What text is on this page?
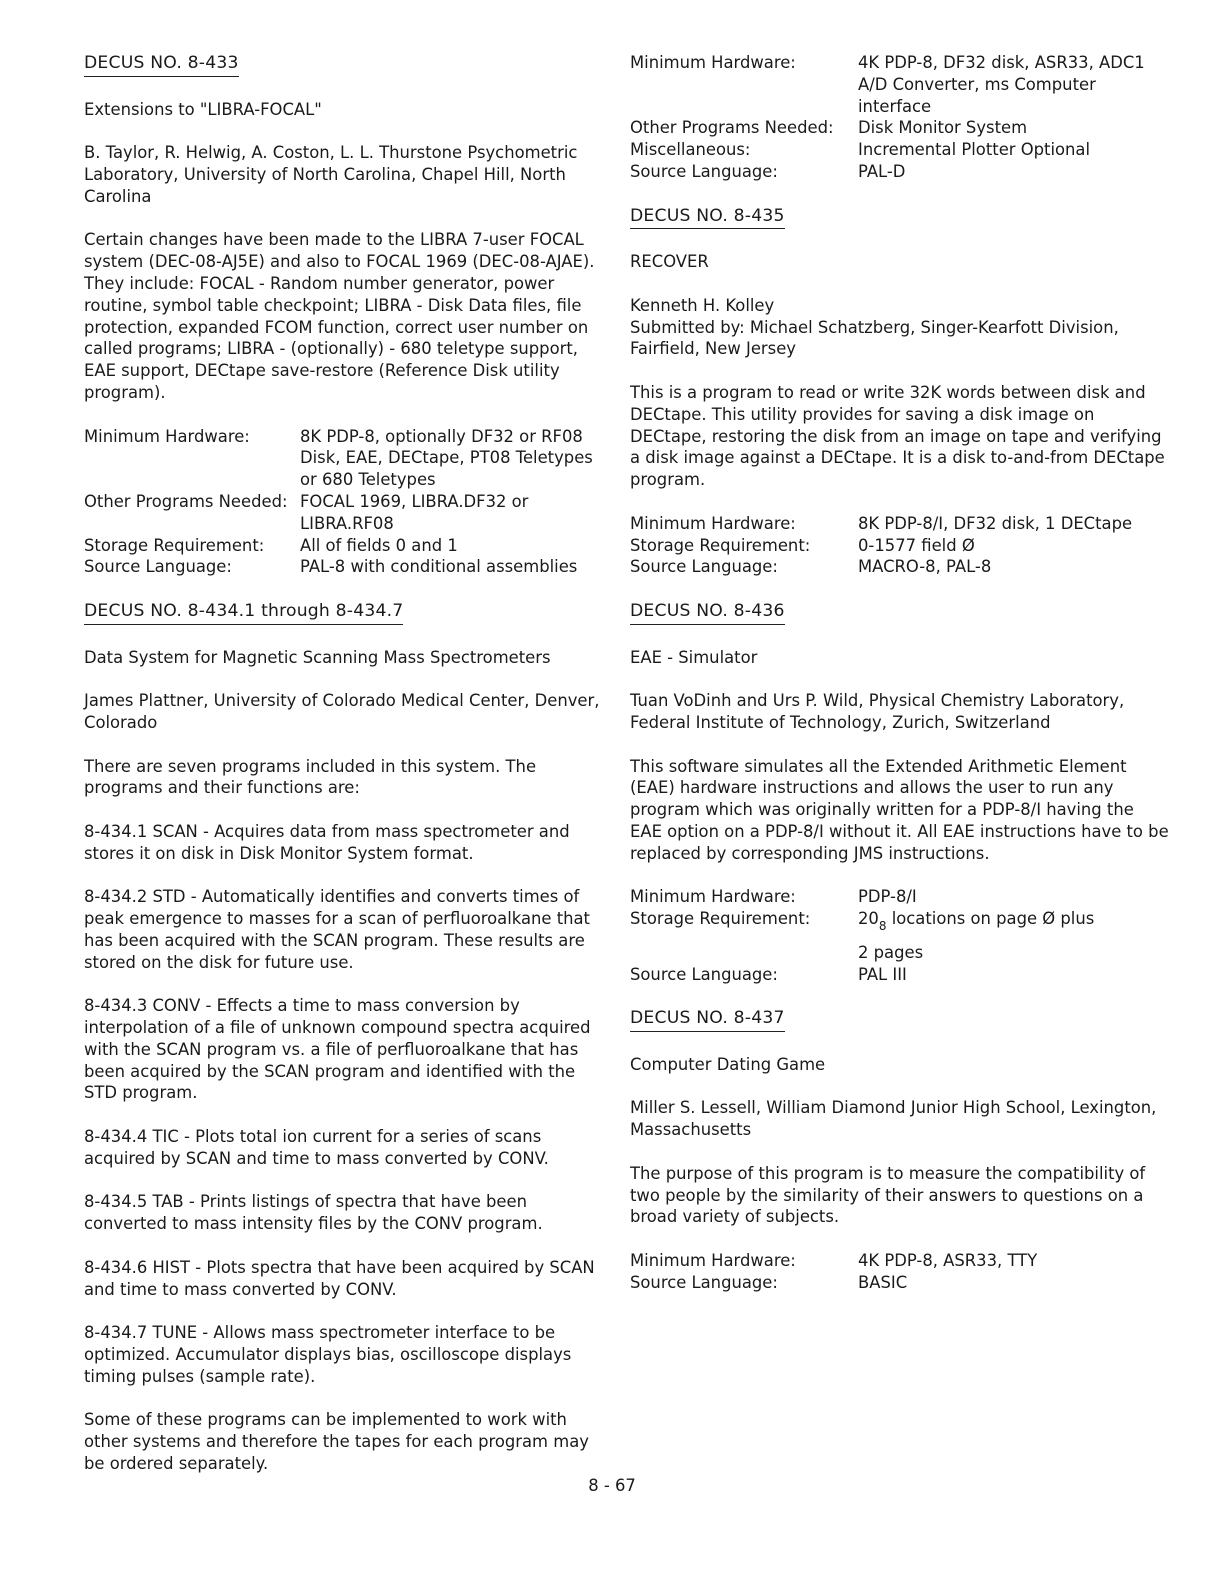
DECUS NO. 8-433

Extensions to "LIBRA-FOCAL"

B. Taylor, R. Helwig, A. Coston, L. L. Thurstone Psychometric Laboratory, University of North Carolina, Chapel Hill, North Carolina

Certain changes have been made to the LIBRA 7-user FOCAL system (DEC-08-AJ5E) and also to FOCAL 1969 (DEC-08-AJAE). They include: FOCAL - Random number generator, power routine, symbol table checkpoint; LIBRA - Disk Data files, file protection, expanded FCOM function, correct user number on called programs; LIBRA - (optionally) - 680 teletype support, EAE support, DECtape save-restore (Reference Disk utility program).

Minimum Hardware:	8K PDP-8, optionally DF32 or RF08 Disk, EAE, DECtape, PT08 Teletypes or 680 Teletypes
Other Programs Needed: FOCAL 1969, LIBRA.DF32 or LIBRA.RF08
Storage Requirement:	All of fields 0 and 1
Source Language:	PAL-8 with conditional assemblies
DECUS NO. 8-434.1 through 8-434.7

Data System for Magnetic Scanning Mass Spectrometers

James Plattner, University of Colorado Medical Center, Denver, Colorado

There are seven programs included in this system. The programs and their functions are:

8-434.1 SCAN - Acquires data from mass spectrometer and stores it on disk in Disk Monitor System format.

8-434.2 STD - Automatically identifies and converts times of peak emergence to masses for a scan of perfluoroalkane that has been acquired with the SCAN program. These results are stored on the disk for future use.

8-434.3 CONV - Effects a time to mass conversion by interpolation of a file of unknown compound spectra acquired with the SCAN program vs. a file of perfluoroalkane that has been acquired by the SCAN program and identified with the STD program.

8-434.4 TIC - Plots total ion current for a series of scans acquired by SCAN and time to mass converted by CONV.

8-434.5 TAB - Prints listings of spectra that have been converted to mass intensity files by the CONV program.

8-434.6 HIST - Plots spectra that have been acquired by SCAN and time to mass converted by CONV.

8-434.7 TUNE - Allows mass spectrometer interface to be optimized. Accumulator displays bias, oscilloscope displays timing pulses (sample rate).

Some of these programs can be implemented to work with other systems and therefore the tapes for each program may be ordered separately.

Minimum Hardware:	4K PDP-8, DF32 disk, ASR33, ADC1 A/D Converter, ms Computer interface
Other Programs Needed:	Disk Monitor System
Miscellaneous:	Incremental Plotter Optional
Source Language:	PAL-D
DECUS NO. 8-435

RECOVER

Kenneth H. Kolley

Submitted by: Michael Schatzberg, Singer-Kearfott Division, Fairfield, New Jersey

This is a program to read or write 32K words between disk and DECtape. This utility provides for saving a disk image on DECtape, restoring the disk from an image on tape and verifying a disk image against a DECtape. It is a disk to-and-from DECtape program.

Minimum Hardware:	8K PDP-8/I, DF32 disk, 1 DECtape
Storage Requirement:	0-1577 field Ø
Source Language:	MACRO-8, PAL-8
DECUS NO. 8-436

EAE - Simulator

Tuan VoDinh and Urs P. Wild, Physical Chemistry Laboratory, Federal Institute of Technology, Zurich, Switzerland

This software simulates all the Extended Arithmetic Element (EAE) hardware instructions and allows the user to run any program which was originally written for a PDP-8/I having the EAE option on a PDP-8/I without it. All EAE instructions have to be replaced by corresponding JMS instructions.

Minimum Hardware:	PDP-8/I
Storage Requirement:	$20_8$ locations on page Ø plus
2 pages
Source Language:	PAL III
DECUS NO. 8-437

Computer Dating Game

Miller S. Lessell, William Diamond Junior High School, Lexington, Massachusetts

The purpose of this program is to measure the compatibility of two people by the similarity of their answers to questions on a broad variety of subjects.

Minimum Hardware:	4K PDP-8, ASR33, TTY
Source Language:	BASIC
8 - 67
